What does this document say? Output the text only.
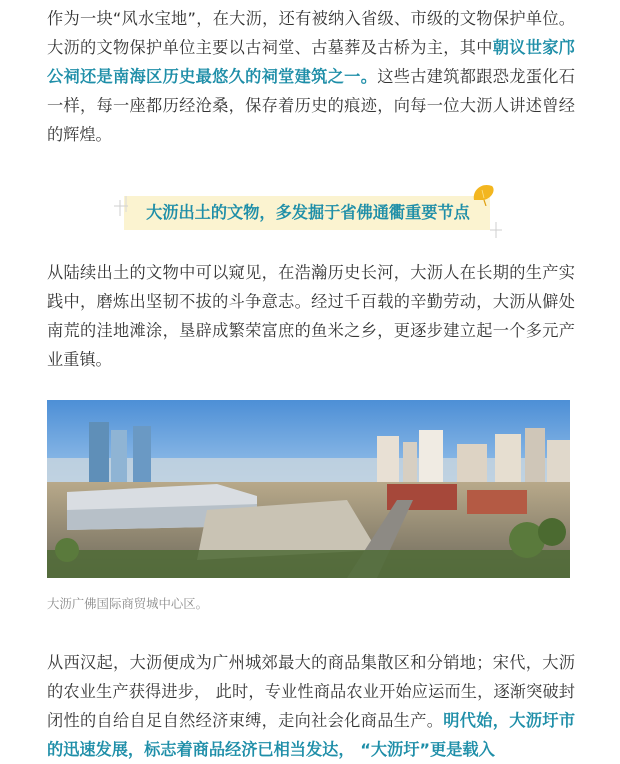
作为一块“风水宝地”，在大沥，还有被纳入省级、市级的文物保护单位。大沥的文物保护单位主要以古祠堂、古墓葬及古桥为主，其中朝议世家邝公祠还是南海区历史最悠久的祠堂建筑之一。这些古建筑都跟恐龙蛋化石一样，每一座都历经沧桑，保存着历史的痕迹，向每一位大沥人讲述曾经的辉煌。

大沥出土的文物，多发掘于省佛通衢重要节点

从陆续出土的文物中可以窥见，在浩瀚历史长河，大沥人在长期的生产实践中，磨炼出坚韧不拔的斗争意志。经过千百载的辛勤劳动，大沥从僻处南荒的洼地滩涂，垦辟成繁荣富庶的鱼米之乡，更逐步建立起一个多元产业重镇。

大沥广佛国际商贸城中心区。

从西汉起，大沥便成为广州城郊最大的商品集散区和分销地；宋代，大沥的农业生产获得进步， 此时，专业性商品农业开始应运而生，逐渐突破封闭性的自给自足自然经济束缚，走向社会化商品生产。明代始，大沥圩市的迅速发展，标志着商品经济已相当发达， “大沥圩”更是载入
